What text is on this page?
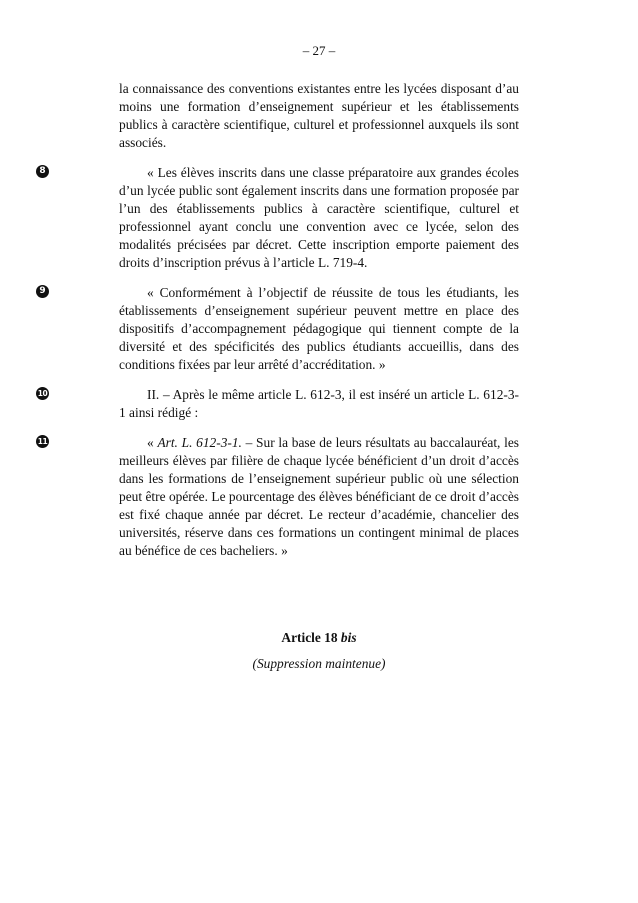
– 27 –

la connaissance des conventions existantes entre les lycées disposant d’au moins une formation d’enseignement supérieur et les établissements publics à caractère scientifique, culturel et professionnel auxquels ils sont associés.

8	« Les élèves inscrits dans une classe préparatoire aux grandes écoles d’un lycée public sont également inscrits dans une formation proposée par l’un des établissements publics à caractère scientifique, culturel et professionnel ayant conclu une convention avec ce lycée, selon des modalités précisées par décret. Cette inscription emporte paiement des droits d’inscription prévus à l’article L. 719-4.

9	« Conformément à l’objectif de réussite de tous les étudiants, les établissements d’enseignement supérieur peuvent mettre en place des dispositifs d’accompagnement pédagogique qui tiennent compte de la diversité et des spécificités des publics étudiants accueillis, dans des conditions fixées par leur arrêté d’accréditation. »

10	II. – Après le même article L. 612-3, il est inséré un article L. 612-3-1 ainsi rédigé :

11	« Art. L. 612-3-1. – Sur la base de leurs résultats au baccalauréat, les meilleurs élèves par filière de chaque lycée bénéficient d’un droit d’accès dans les formations de l’enseignement supérieur public où une sélection peut être opérée. Le pourcentage des élèves bénéficiant de ce droit d’accès est fixé chaque année par décret. Le recteur d’académie, chancelier des universités, réserve dans ces formations un contingent minimal de places au bénéfice de ces bacheliers. »

Article 18 bis
(Suppression maintenue)
